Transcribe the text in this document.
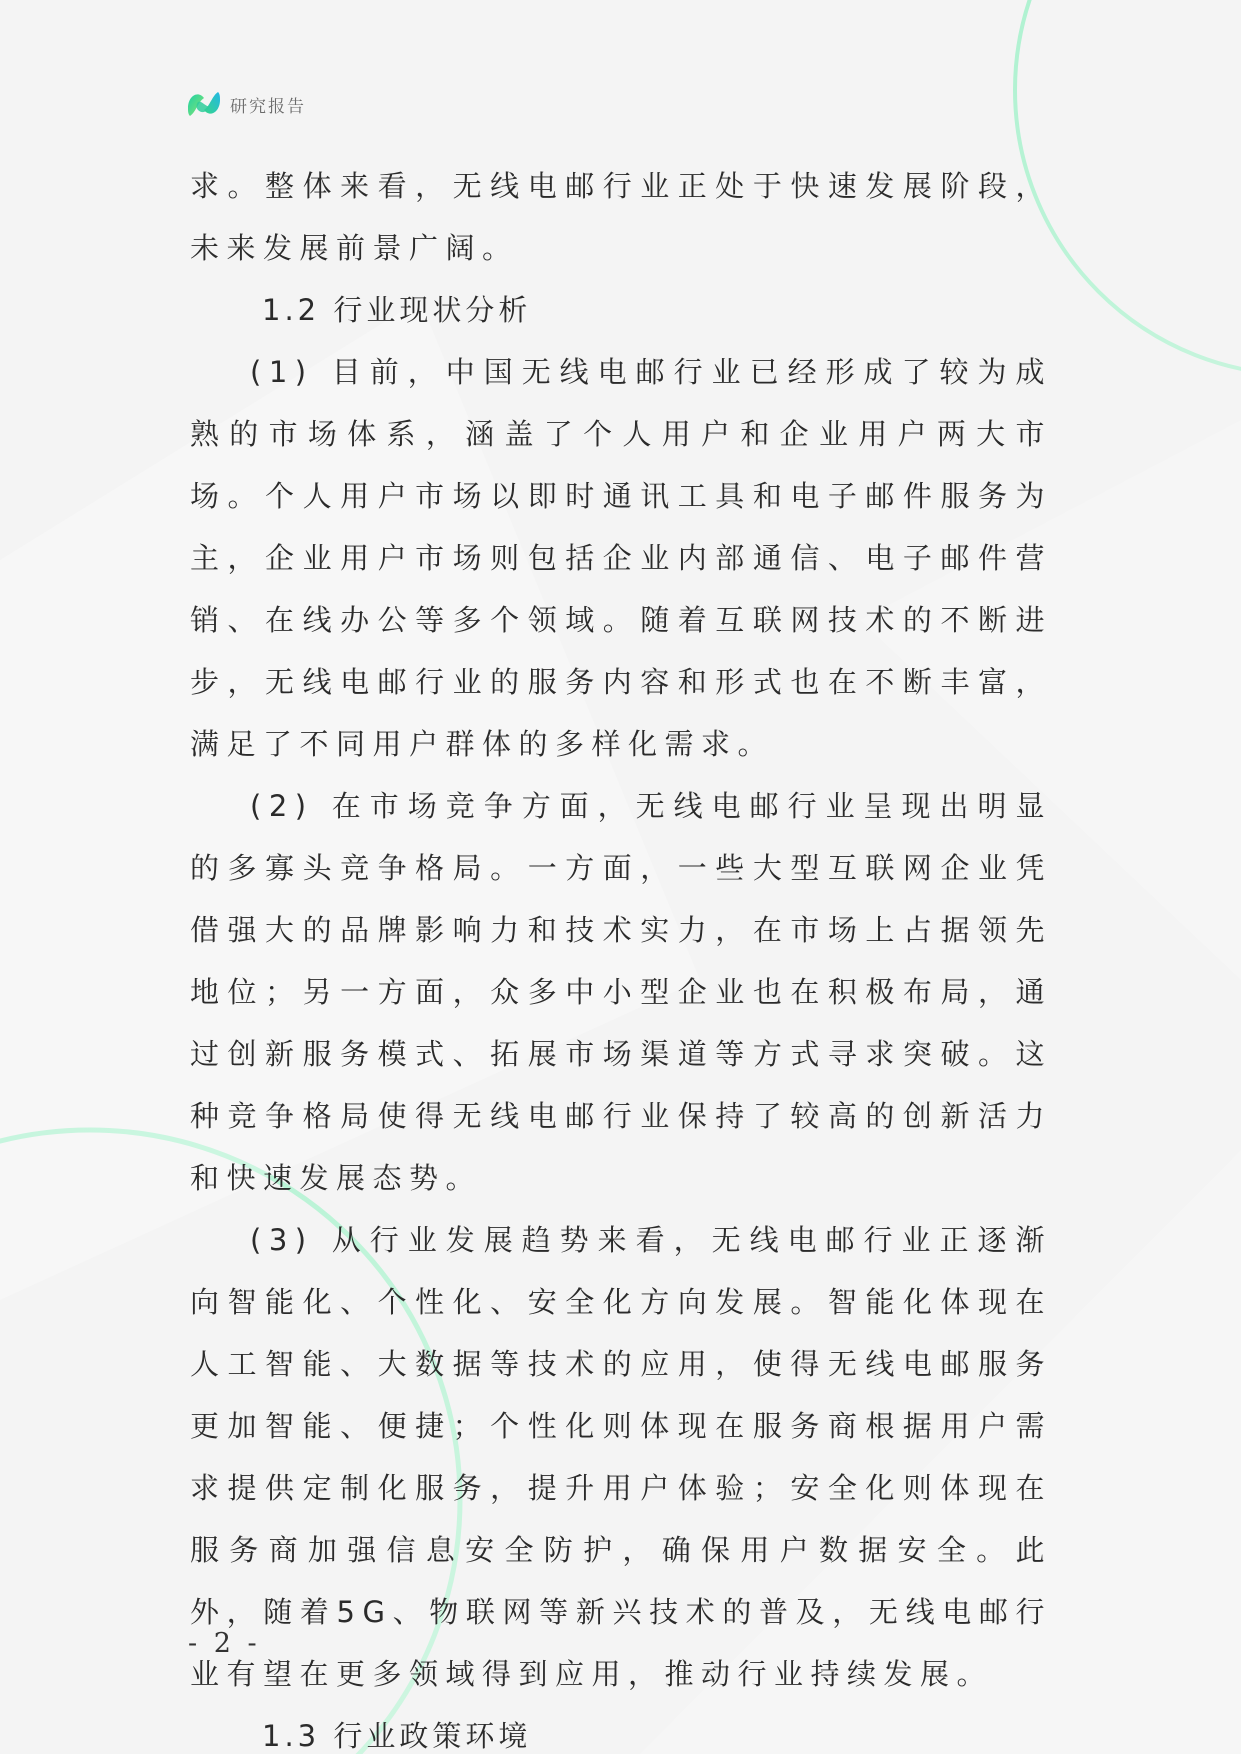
研究报告

求。整体来看，无线电邮行业正处于快速发展阶段，未来发展前景广阔。

1.2 行业现状分析

(1) 目前，中国无线电邮行业已经形成了较为成熟的市场体系，涵盖了个人用户和企业用户两大市场。个人用户市场以即时通讯工具和电子邮件服务为主，企业用户市场则包括企业内部通信、电子邮件营销、在线办公等多个领域。随着互联网技术的不断进步，无线电邮行业的服务内容和形式也在不断丰富，满足了不同用户群体的多样化需求。

(2) 在市场竞争方面，无线电邮行业呈现出明显的多寡头竞争格局。一方面，一些大型互联网企业凭借强大的品牌影响力和技术实力，在市场上占据领先地位；另一方面，众多中小型企业也在积极布局，通过创新服务模式、拓展市场渠道等方式寻求突破。这种竞争格局使得无线电邮行业保持了较高的创新活力和快速发展态势。

(3) 从行业发展趋势来看，无线电邮行业正逐渐向智能化、个性化、安全化方向发展。智能化体现在人工智能、大数据等技术的应用，使得无线电邮服务更加智能、便捷；个性化则体现在服务商根据用户需求提供定制化服务，提升用户体验；安全化则体现在服务商加强信息安全防护，确保用户数据安全。此外，随着5G、物联网等新兴技术的普及，无线电邮行业有望在更多领域得到应用，推动行业持续发展。

1.3 行业政策环境

- 2 -
